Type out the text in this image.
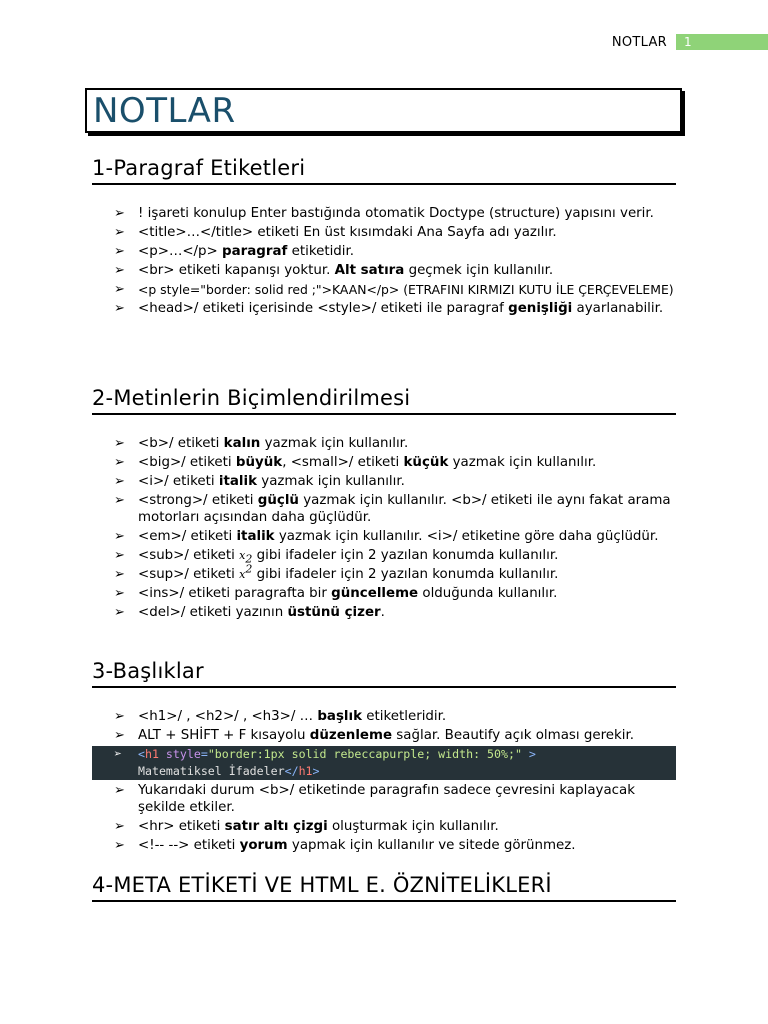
NOTLAR	1
NOTLAR
1-Paragraf Etiketleri
➢ ! işareti konulup Enter bastığında otomatik Doctype (structure) yapısını verir.
➢ <title>…</title> etiketi En üst kısımdaki Ana Sayfa adı yazılır.
➢ <p>…</p> paragraf etiketidir.
➢ <br> etiketi kapanışı yoktur. Alt satıra geçmek için kullanılır.
➢ <p style="border: solid red ;">KAAN</p> (ETRAFINI KIRMIZI KUTU İLE ÇERÇEVELEME)
➢ <head>/ etiketi içerisinde <style>/ etiketi ile paragraf genişliği ayarlanabilir.
2-Metinlerin Biçimlendirilmesi
➢ <b>/ etiketi kalın yazmak için kullanılır.
➢ <big>/ etiketi büyük, <small>/ etiketi küçük yazmak için kullanılır.
➢ <i>/ etiketi italik yazmak için kullanılır.
➢ <strong>/ etiketi güçlü yazmak için kullanılır. <b>/ etiketi ile aynı fakat arama motorları açısından daha güçlüdür.
➢ <em>/ etiketi italik yazmak için kullanılır. <i>/ etiketine göre daha güçlüdür.
➢ <sub>/ etiketi $x_2$ gibi ifadeler için 2 yazılan konumda kullanılır.
➢ <sup>/ etiketi $x^2$ gibi ifadeler için 2 yazılan konumda kullanılır.
➢ <ins>/ etiketi paragrafta bir güncelleme olduğunda kullanılır.
➢ <del>/ etiketi yazının üstünü çizer.
3-Başlıklar
➢ <h1>/ , <h2>/ , <h3>/ … başlık etiketleridir.
➢ ALT + SHİFT + F kısayolu düzenleme sağlar. Beautify açık olması gerekir.
➢ <h1 style="border:1px solid rebeccapurple; width: 50%;" >
Matematiksel İfadeler</h1>
➢ Yukarıdaki durum <b>/ etiketinde paragrafın sadece çevresini kaplayacak şekilde etkiler.
➢ <hr> etiketi satır altı çizgi oluşturmak için kullanılır.
➢ <!-- --> etiketi yorum yapmak için kullanılır ve sitede görünmez.
4-META ETİKETİ VE HTML E. ÖZNİTELİKLERİ
